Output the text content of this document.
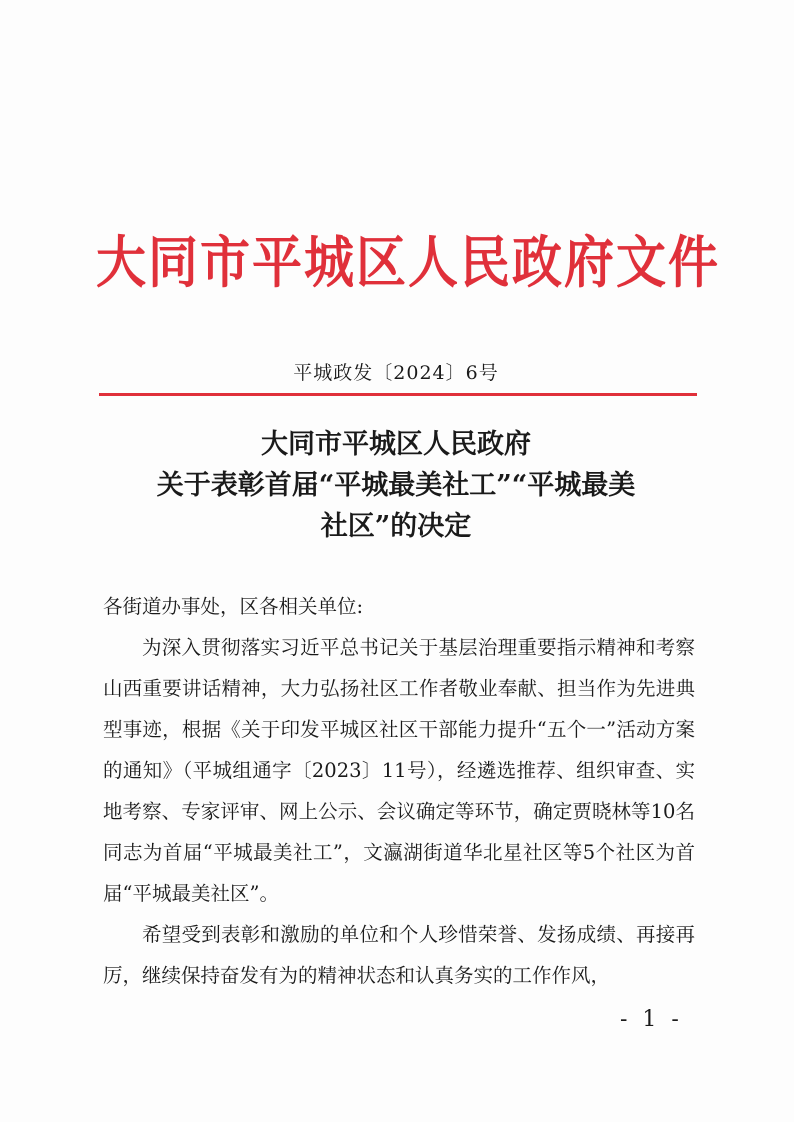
大同市平城区人民政府文件
平城政发〔2024〕6号
大同市平城区人民政府
关于表彰首届“平城最美社工”“平城最美
社区”的决定
各街道办事处，区各相关单位:
为深入贯彻落实习近平总书记关于基层治理重要指示精神和考察山西重要讲话精神，大力弘扬社区工作者敬业奉献、担当作为先进典型事迹，根据《关于印发平城区社区干部能力提升“五个一”活动方案的通知》（平城组通字〔2023〕11号），经遴选推荐、组织审查、实地考察、专家评审、网上公示、会议确定等环节，确定贾晓林等10名同志为首届“平城最美社工”，文瀛湖街道华北星社区等5个社区为首届“平城最美社区”。
希望受到表彰和激励的单位和个人珍惜荣誉、发扬成绩、再接再厉，继续保持奋发有为的精神状态和认真务实的工作作风，
- 1 -
